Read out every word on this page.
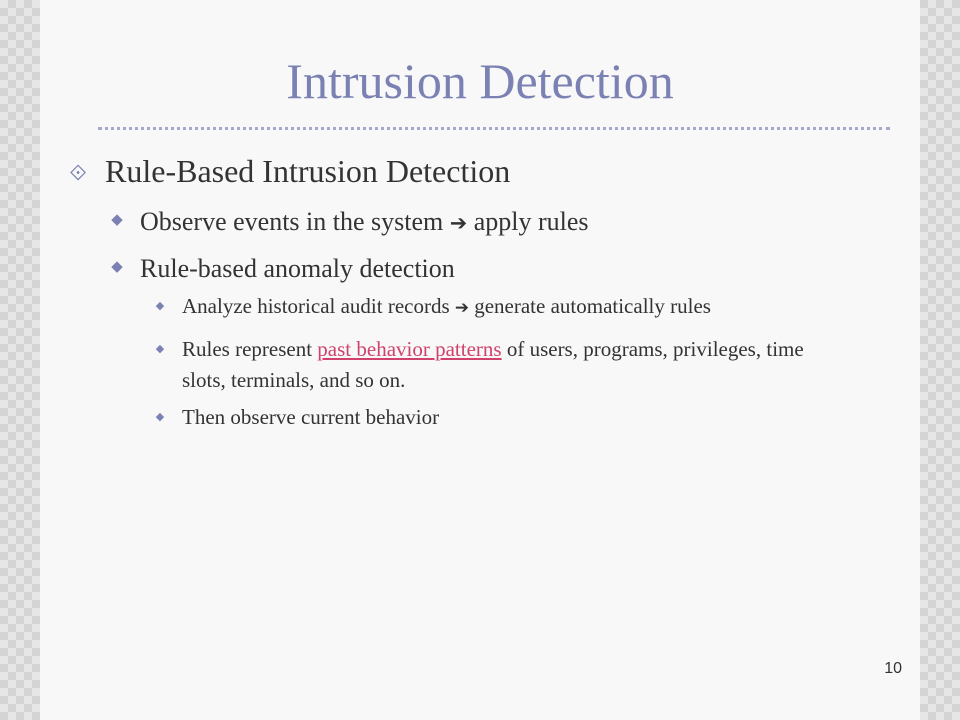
Intrusion Detection
⟐ Rule-Based Intrusion Detection
◆ Observe events in the system ➔ apply rules
◆ Rule-based anomaly detection
◆ Analyze historical audit records ➔ generate automatically rules
◆ Rules represent past behavior patterns of users, programs, privileges, time slots, terminals, and so on.
◆ Then observe current behavior
10
